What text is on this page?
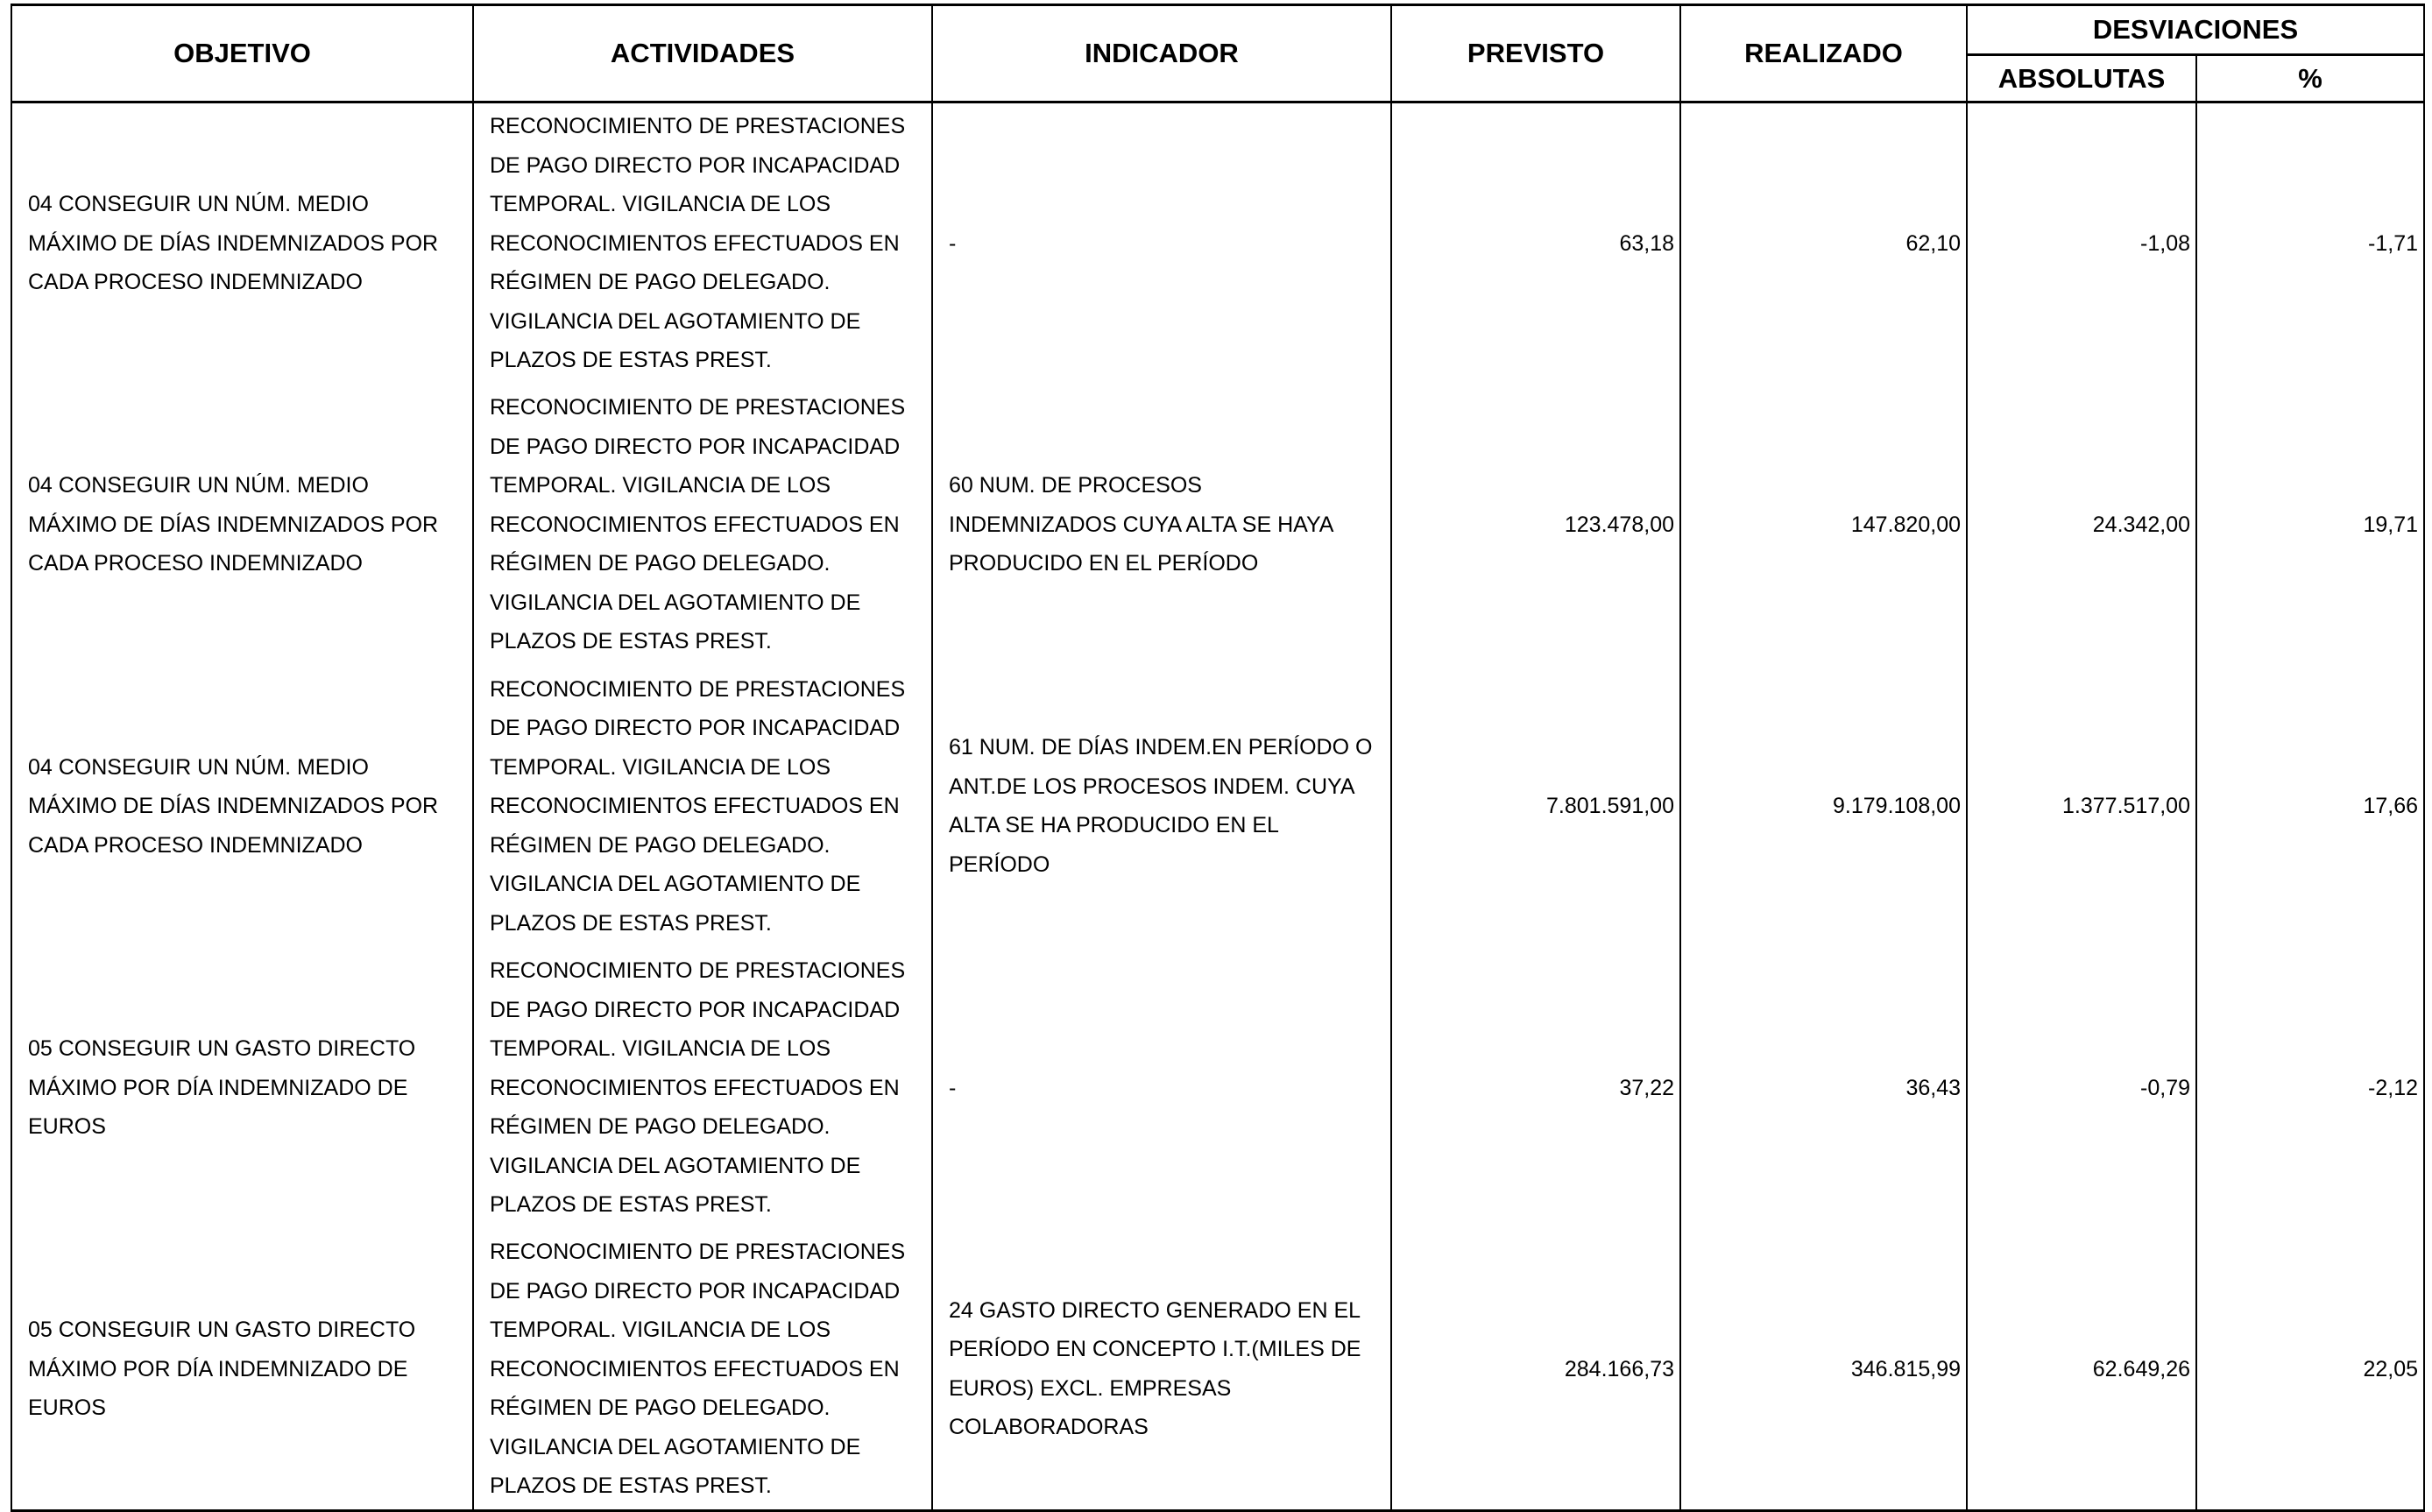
OBJETIVO	ACTIVIDADES	INDICADOR	PREVISTO	REALIZADO	DESVIACIONES	
					ABSOLUTAS	%
04 CONSEGUIR UN NÚM. MEDIO MÁXIMO DE DÍAS INDEMNIZADOS POR CADA PROCESO INDEMNIZADO	RECONOCIMIENTO DE PRESTACIONES DE PAGO DIRECTO POR INCAPACIDAD TEMPORAL. VIGILANCIA DE LOS RECONOCIMIENTOS EFECTUADOS EN RÉGIMEN DE PAGO DELEGADO. VIGILANCIA DEL AGOTAMIENTO DE PLAZOS DE ESTAS PREST.	-	63,18	62,10	-1,08	-1,71
04 CONSEGUIR UN NÚM. MEDIO MÁXIMO DE DÍAS INDEMNIZADOS POR CADA PROCESO INDEMNIZADO	RECONOCIMIENTO DE PRESTACIONES DE PAGO DIRECTO POR INCAPACIDAD TEMPORAL. VIGILANCIA DE LOS RECONOCIMIENTOS EFECTUADOS EN RÉGIMEN DE PAGO DELEGADO. VIGILANCIA DEL AGOTAMIENTO DE PLAZOS DE ESTAS PREST.	60 NUM. DE PROCESOS INDEMNIZADOS CUYA ALTA SE HAYA PRODUCIDO EN EL PERÍODO	123.478,00	147.820,00	24.342,00	19,71
04 CONSEGUIR UN NÚM. MEDIO MÁXIMO DE DÍAS INDEMNIZADOS POR CADA PROCESO INDEMNIZADO	RECONOCIMIENTO DE PRESTACIONES DE PAGO DIRECTO POR INCAPACIDAD TEMPORAL. VIGILANCIA DE LOS RECONOCIMIENTOS EFECTUADOS EN RÉGIMEN DE PAGO DELEGADO. VIGILANCIA DEL AGOTAMIENTO DE PLAZOS DE ESTAS PREST.	61 NUM. DE DÍAS INDEM.EN PERÍODO O ANT.DE LOS PROCESOS INDEM. CUYA ALTA SE HA PRODUCIDO EN EL PERÍODO	7.801.591,00	9.179.108,00	1.377.517,00	17,66
05 CONSEGUIR UN GASTO DIRECTO MÁXIMO POR DÍA INDEMNIZADO DE EUROS	RECONOCIMIENTO DE PRESTACIONES DE PAGO DIRECTO POR INCAPACIDAD TEMPORAL. VIGILANCIA DE LOS RECONOCIMIENTOS EFECTUADOS EN RÉGIMEN DE PAGO DELEGADO. VIGILANCIA DEL AGOTAMIENTO DE PLAZOS DE ESTAS PREST.	-	37,22	36,43	-0,79	-2,12
05 CONSEGUIR UN GASTO DIRECTO MÁXIMO POR DÍA INDEMNIZADO DE EUROS	RECONOCIMIENTO DE PRESTACIONES DE PAGO DIRECTO POR INCAPACIDAD TEMPORAL. VIGILANCIA DE LOS RECONOCIMIENTOS EFECTUADOS EN RÉGIMEN DE PAGO DELEGADO. VIGILANCIA DEL AGOTAMIENTO DE PLAZOS DE ESTAS PREST.	24 GASTO DIRECTO GENERADO EN EL PERÍODO EN CONCEPTO I.T.(MILES DE EUROS) EXCL. EMPRESAS COLABORADORAS	284.166,73	346.815,99	62.649,26	22,05
